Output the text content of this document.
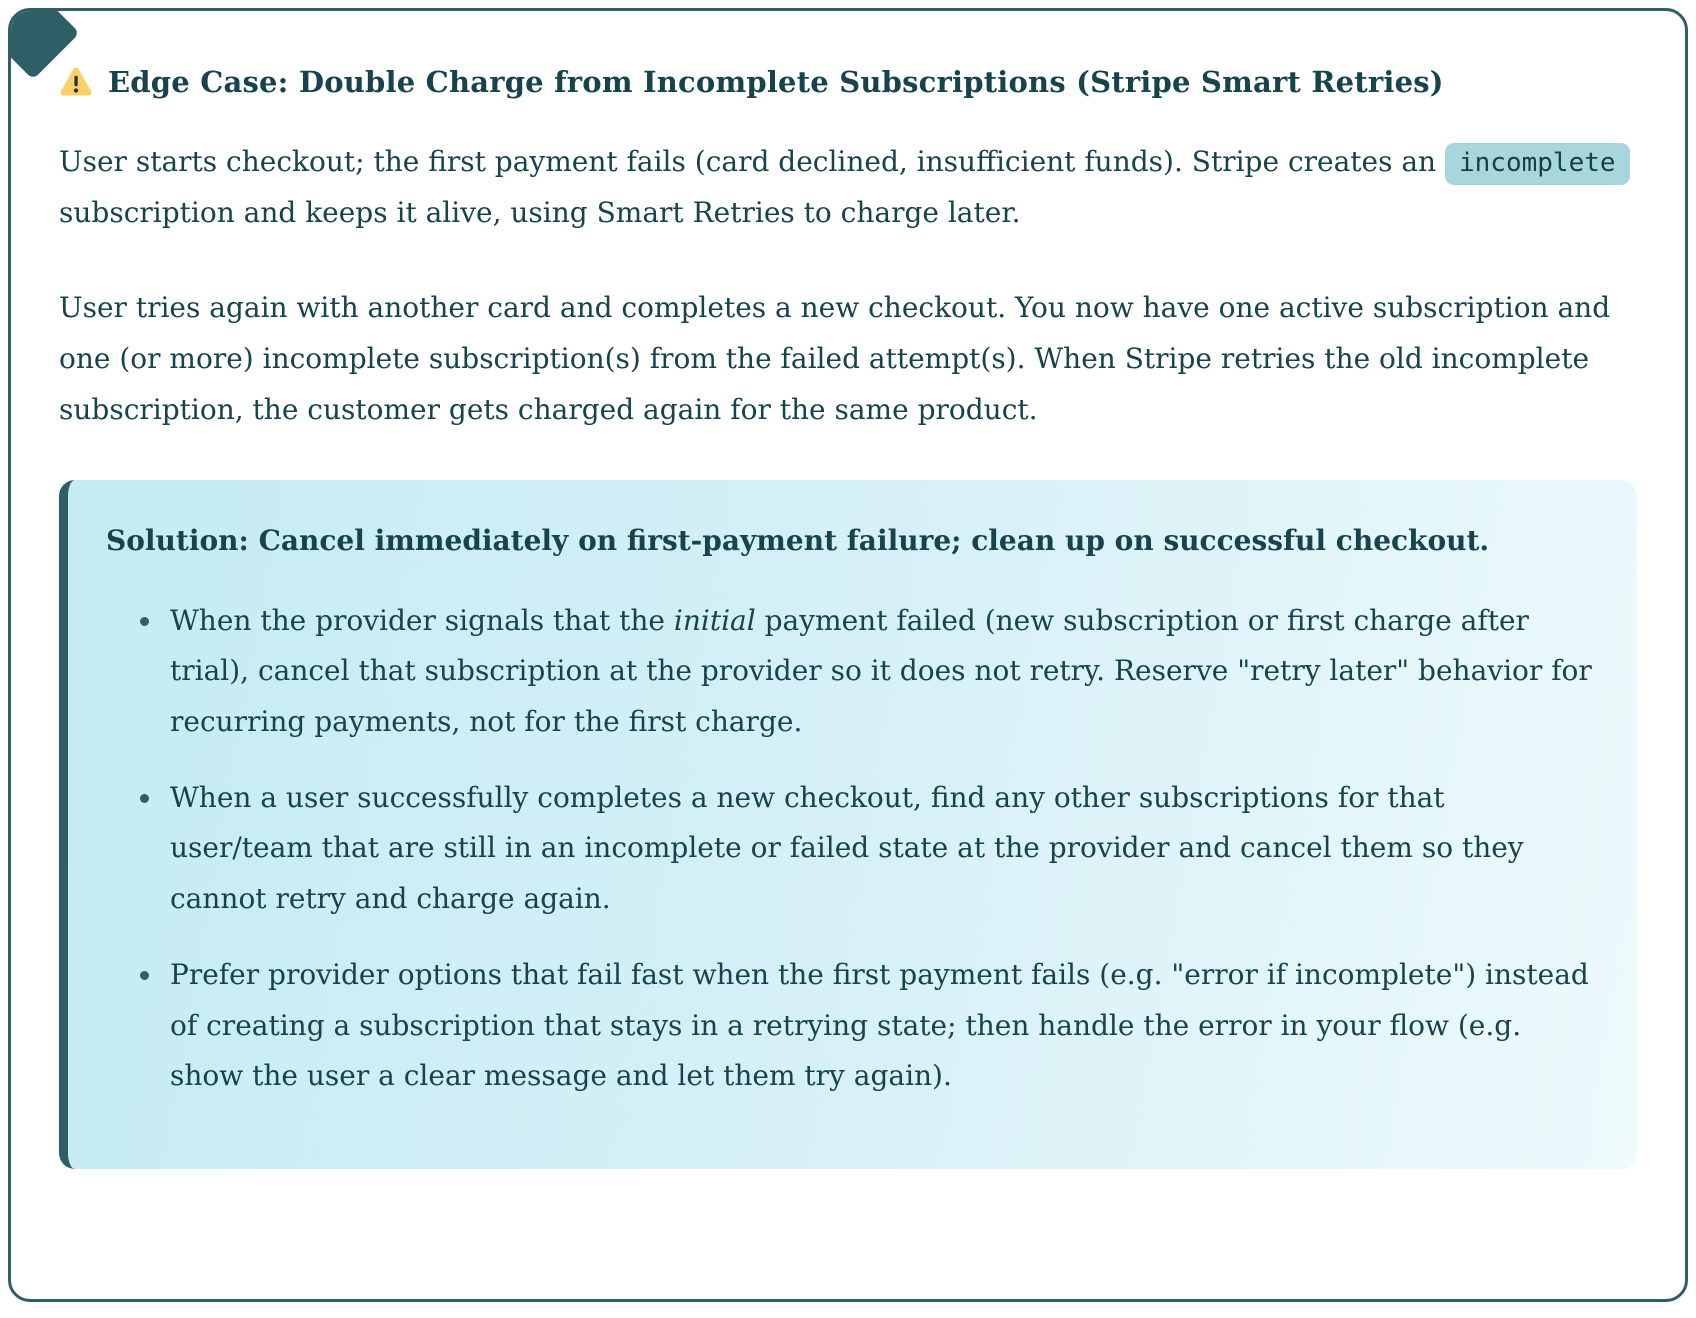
Edge Case: Double Charge from Incomplete Subscriptions (Stripe Smart Retries)

User starts checkout; the first payment fails (card declined, insufficient funds). Stripe creates an incomplete subscription and keeps it alive, using Smart Retries to charge later.

User tries again with another card and completes a new checkout. You now have one active subscription and one (or more) incomplete subscription(s) from the failed attempt(s). When Stripe retries the old incomplete subscription, the customer gets charged again for the same product.

Solution: Cancel immediately on first-payment failure; clean up on successful checkout.

• When the provider signals that the initial payment failed (new subscription or first charge after trial), cancel that subscription at the provider so it does not retry. Reserve "retry later" behavior for recurring payments, not for the first charge.
• When a user successfully completes a new checkout, find any other subscriptions for that user/team that are still in an incomplete or failed state at the provider and cancel them so they cannot retry and charge again.
• Prefer provider options that fail fast when the first payment fails (e.g. "error if incomplete") instead of creating a subscription that stays in a retrying state; then handle the error in your flow (e.g. show the user a clear message and let them try again).
